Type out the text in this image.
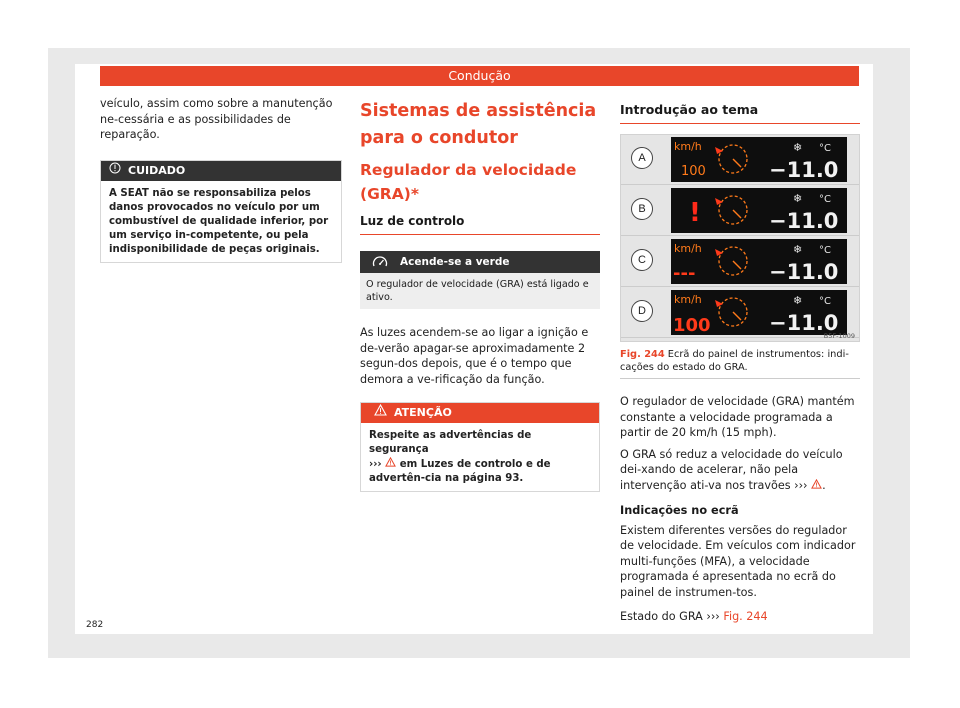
Condução

veículo, assim como sobre a manutenção ne-cessária e as possibilidades de reparação.

CUIDADO
A SEAT não se responsabiliza pelos danos provocados no veículo por um combustível de qualidade inferior, por um serviço in-competente, ou pela indisponibilidade de peças originais.
Sistemas de assistência
para o condutor
Regulador da velocidade
(GRA)*
Luz de controlo
Acende-se a verde
O regulador de velocidade (GRA) está ligado e ativo.

As luzes acendem-se ao ligar a ignição e de-verão apagar-se aproximadamente 2 segun-dos depois, que é o tempo que demora a ve-rificação da função.

ATENÇÃO
Respeite as advertências de segurança
››› em Luzes de controlo e de advertên-cia na página 93.
Introdução ao tema
A
km/h
100
❄ °C
−11.0
B !	❄ °C
−11.0
C
km/h
---
❄ °C
−11.0
D
km/h
100
❄ °C
−11.0
B5F-1009
Fig. 244 Ecrã do painel de instrumentos: indi-cações do estado do GRA.

O regulador de velocidade (GRA) mantém constante a velocidade programada a partir de 20 km/h (15 mph).

O GRA só reduz a velocidade do veículo dei-xando de acelerar, não pela intervenção ati-va nos travões ››› .

Indicações no ecrã

Existem diferentes versões do regulador de velocidade. Em veículos com indicador multi-funções (MFA), a velocidade programada é apresentada no ecrã do painel de instrumen-tos.

Estado do GRA ››› Fig. 244

282
